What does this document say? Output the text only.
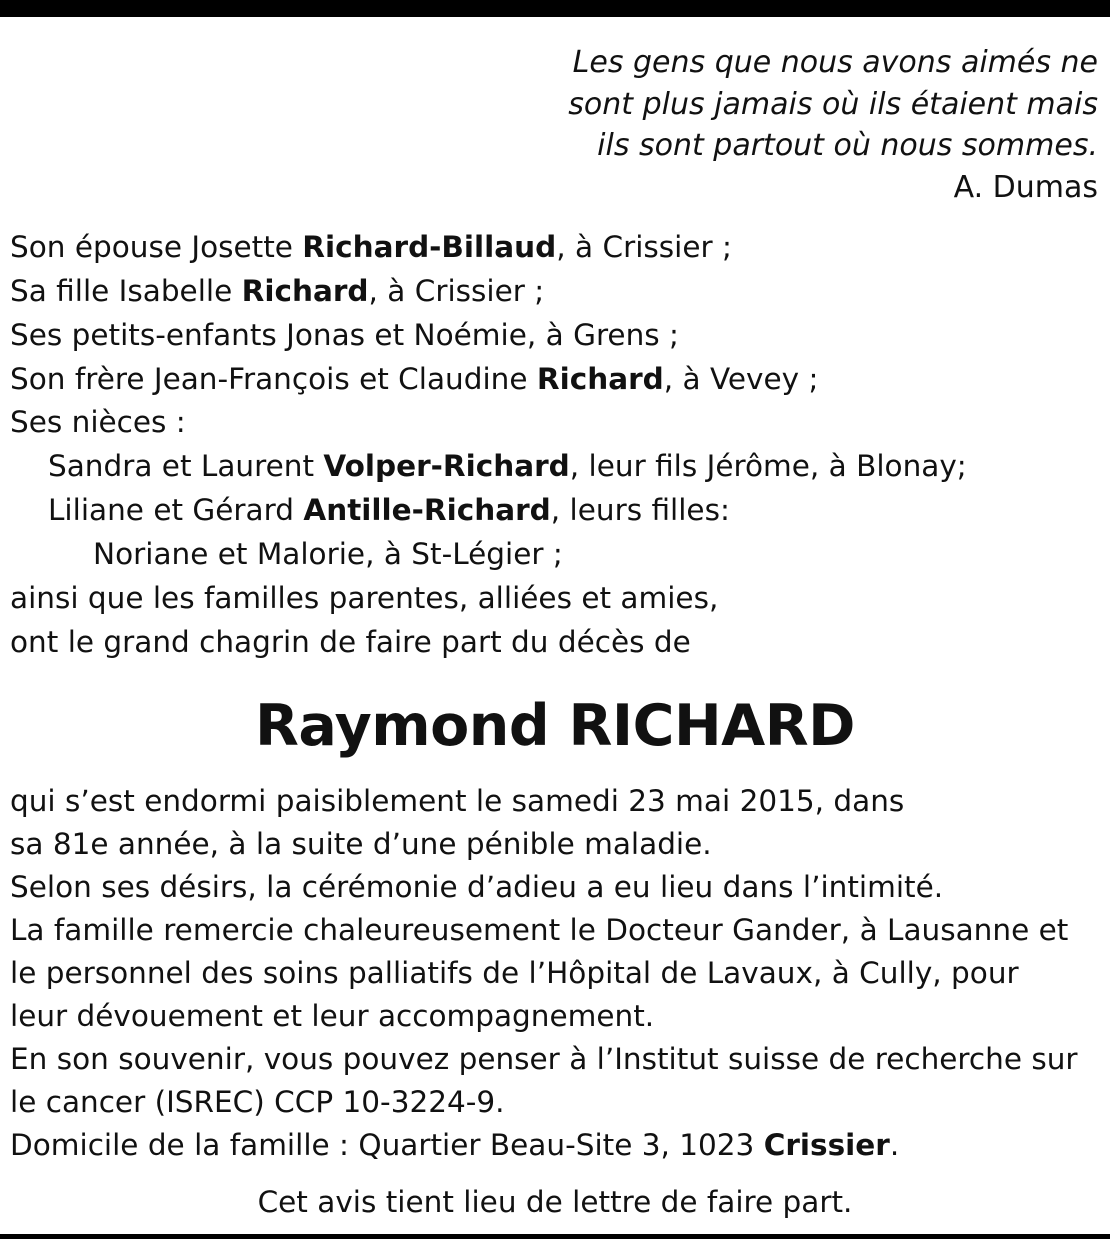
Les gens que nous avons aimés ne
sont plus jamais où ils étaient mais
ils sont partout où nous sommes.
A. Dumas
Son épouse Josette Richard-Billaud, à Crissier ;
Sa fille Isabelle Richard, à Crissier ;
Ses petits-enfants Jonas et Noémie, à Grens ;
Son frère Jean-François et Claudine Richard, à Vevey ;
Ses nièces :
Sandra et Laurent Volper-Richard, leur fils Jérôme, à Blonay;
Liliane et Gérard Antille-Richard, leurs filles:
Noriane et Malorie, à St-Légier ;
ainsi que les familles parentes, alliées et amies,
ont le grand chagrin de faire part du décès de
Raymond RICHARD
qui s’est endormi paisiblement le samedi 23 mai 2015, dans
sa 81e année, à la suite d’une pénible maladie.
Selon ses désirs, la cérémonie d’adieu a eu lieu dans l’intimité.
La famille remercie chaleureusement le Docteur Gander, à Lausanne et
le personnel des soins palliatifs de l’Hôpital de Lavaux, à Cully, pour
leur dévouement et leur accompagnement.
En son souvenir, vous pouvez penser à l’Institut suisse de recherche sur
le cancer (ISREC) CCP 10-3224-9.
Domicile de la famille : Quartier Beau-Site 3, 1023 Crissier.
Cet avis tient lieu de lettre de faire part.
